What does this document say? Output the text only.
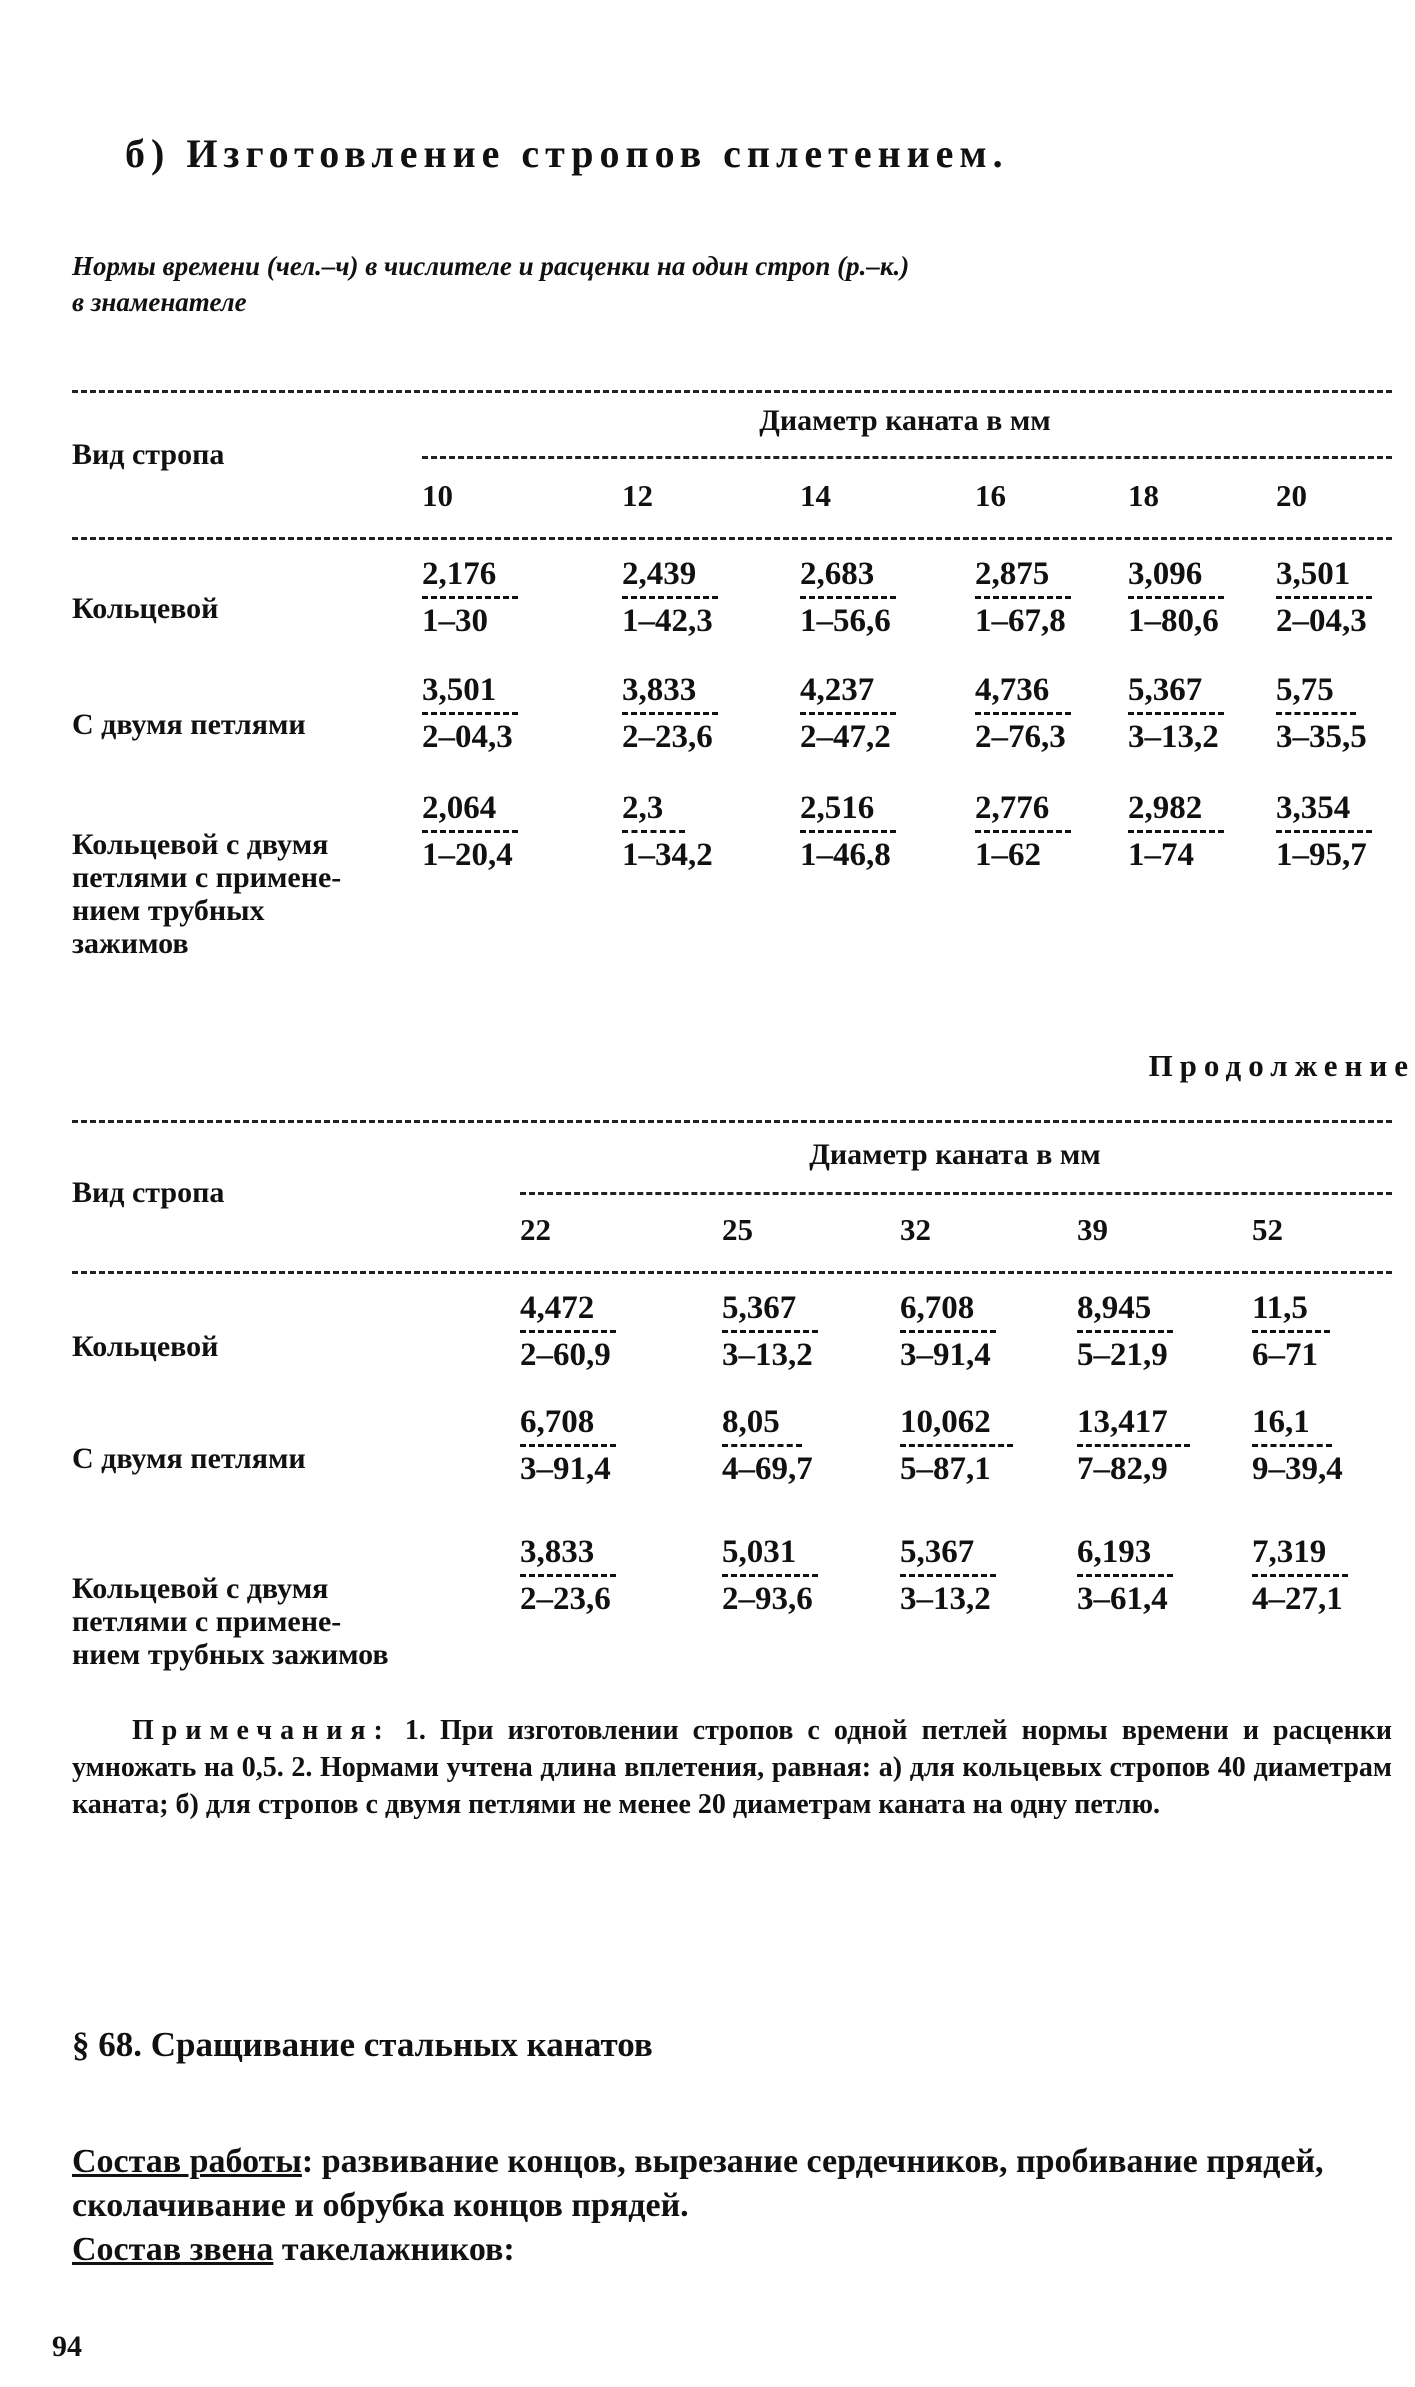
б) Изготовление стропов сплетением.
Нормы времени (чел.–ч) в числителе и расценки на один строп (р.–к.)
в знаменателе
Вид стропа
Диаметр каната в мм
10	12	14	16	18	20
Кольцевой	$\frac{2,176}{1-30}$	$\frac{2,439}{1-42,3} \frac{2,683}{1-56,6} \frac{2,875}{1-67,8} \frac{3,096}{1-80,6} \frac{3,501}{2-04,3}$
С двумя петлями	$\frac{3,501}{2-04,3}$	$\frac{3,833}{2-23,6} \frac{4,237}{2-47,2} \frac{4,736}{2-76,3} \frac{5,367}{3-13,2} \frac{5,75}{3-35,5}$
Кольцевой с двумя
петлями с примене-
нием трубных
зажимов
$\frac{2,064}{1-20,4}$	$\frac{2,3}{1-34,2}$	$\frac{2,516}{1-46,8} \frac{2,776}{1-62} \frac{2,982}{1-74} \frac{3,354}{1-95,7}$
Продолжение
Вид стропа
Диаметр каната в мм
22	25	32	39	52
Кольцевой	$\frac{4,472}{2-60,9}$	$\frac{5,367}{3-13,2} \frac{6,708}{3-91,4} \frac{8,945}{5-21,9} \frac{11,5}{6-71}$
С двумя петлями	$\frac{6,708}{3-91,4}$	$\frac{8,05}{4-69,7}$	$\frac{10,062}{5-87,1} \frac{13,417}{7-82,9} \frac{16,1}{9-39,4}$
Кольцевой с двумя
петлями с примене-
нием трубных зажимов
$\frac{3,833}{2-23,6}$	$\frac{5,031}{2-93,6} \frac{5,367}{3-13,2} \frac{6,193}{3-61,4} \frac{7,319}{4-27,1}$
Примечания: 1. При изготовлении стропов с одной петлей нормы времени и расценки умножать на 0,5. 2. Нормами учтена длина вплетения, равная: а) для кольцевых стропов 40 диаметрам каната; б) для стропов с двумя петлями не менее 20 диаметрам каната на одну петлю.
§ 68. Сращивание стальных канатов
Состав работы: развивание концов, вырезание сердечников, пробивание прядей, сколачивание и обрубка концов прядей.
Состав звена такелажников:
94
